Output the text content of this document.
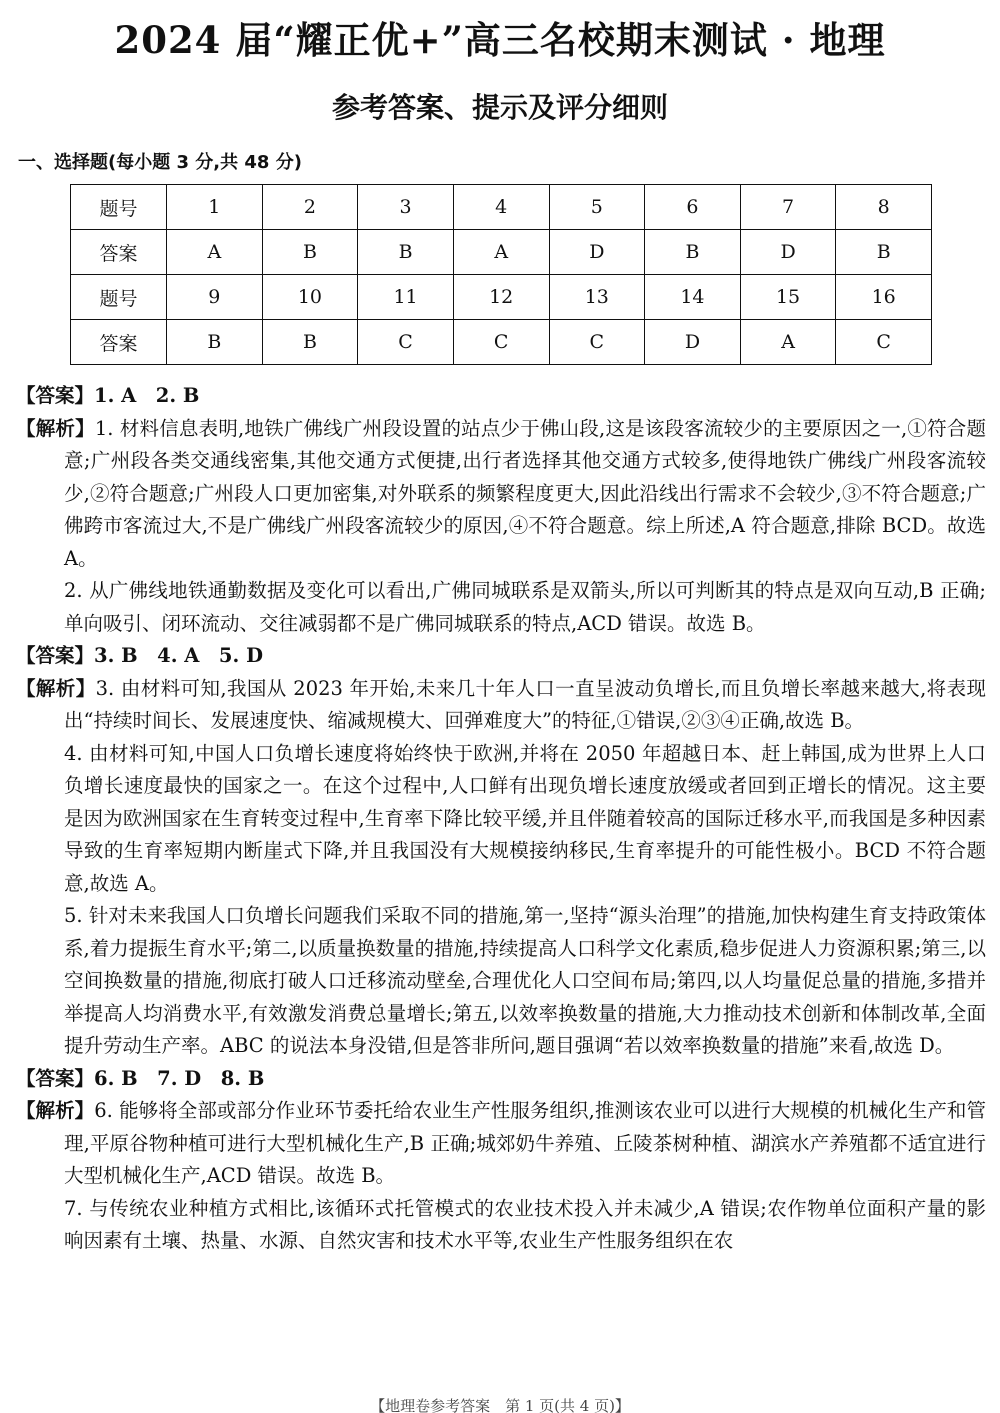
2024 届“耀正优+”高三名校期末测试 · 地理
参考答案、提示及评分细则
一、选择题(每小题 3 分,共 48 分)
题号	1	2	3	4	5	6	7	8
答案	A	B	B	A	D	B	D	B
题号	9	10	11	12	13	14	15	16
答案	B	B	C	C	C	D	A	C

【答案】1. A　2. B

【解析】1. 材料信息表明,地铁广佛线广州段设置的站点少于佛山段,这是该段客流较少的主要原因之一,①符合题意;广州段各类交通线密集,其他交通方式便捷,出行者选择其他交通方式较多,使得地铁广佛线广州段客流较少,②符合题意;广州段人口更加密集,对外联系的频繁程度更大,因此沿线出行需求不会较少,③不符合题意;广佛跨市客流过大,不是广佛线广州段客流较少的原因,④不符合题意。综上所述,A 符合题意,排除 BCD。故选 A。

2. 从广佛线地铁通勤数据及变化可以看出,广佛同城联系是双箭头,所以可判断其的特点是双向互动,B 正确;单向吸引、闭环流动、交往减弱都不是广佛同城联系的特点,ACD 错误。故选 B。

【答案】3. B　4. A　5. D

【解析】3. 由材料可知,我国从 2023 年开始,未来几十年人口一直呈波动负增长,而且负增长率越来越大,将表现出“持续时间长、发展速度快、缩减规模大、回弹难度大”的特征,①错误,②③④正确,故选 B。

4. 由材料可知,中国人口负增长速度将始终快于欧洲,并将在 2050 年超越日本、赶上韩国,成为世界上人口负增长速度最快的国家之一。在这个过程中,人口鲜有出现负增长速度放缓或者回到正增长的情况。这主要是因为欧洲国家在生育转变过程中,生育率下降比较平缓,并且伴随着较高的国际迁移水平,而我国是多种因素导致的生育率短期内断崖式下降,并且我国没有大规模接纳移民,生育率提升的可能性极小。BCD 不符合题意,故选 A。

5. 针对未来我国人口负增长问题我们采取不同的措施,第一,坚持“源头治理”的措施,加快构建生育支持政策体系,着力提振生育水平;第二,以质量换数量的措施,持续提高人口科学文化素质,稳步促进人力资源积累;第三,以空间换数量的措施,彻底打破人口迁移流动壁垒,合理优化人口空间布局;第四,以人均量促总量的措施,多措并举提高人均消费水平,有效激发消费总量增长;第五,以效率换数量的措施,大力推动技术创新和体制改革,全面提升劳动生产率。ABC 的说法本身没错,但是答非所问,题目强调“若以效率换数量的措施”来看,故选 D。

【答案】6. B　7. D　8. B

【解析】6. 能够将全部或部分作业环节委托给农业生产性服务组织,推测该农业可以进行大规模的机械化生产和管理,平原谷物种植可进行大型机械化生产,B 正确;城郊奶牛养殖、丘陵茶树种植、湖滨水产养殖都不适宜进行大型机械化生产,ACD 错误。故选 B。

7. 与传统农业种植方式相比,该循环式托管模式的农业技术投入并未减少,A 错误;农作物单位面积产量的影响因素有土壤、热量、水源、自然灾害和技术水平等,农业生产性服务组织在农

【地理卷参考答案　第 1 页(共 4 页)】
